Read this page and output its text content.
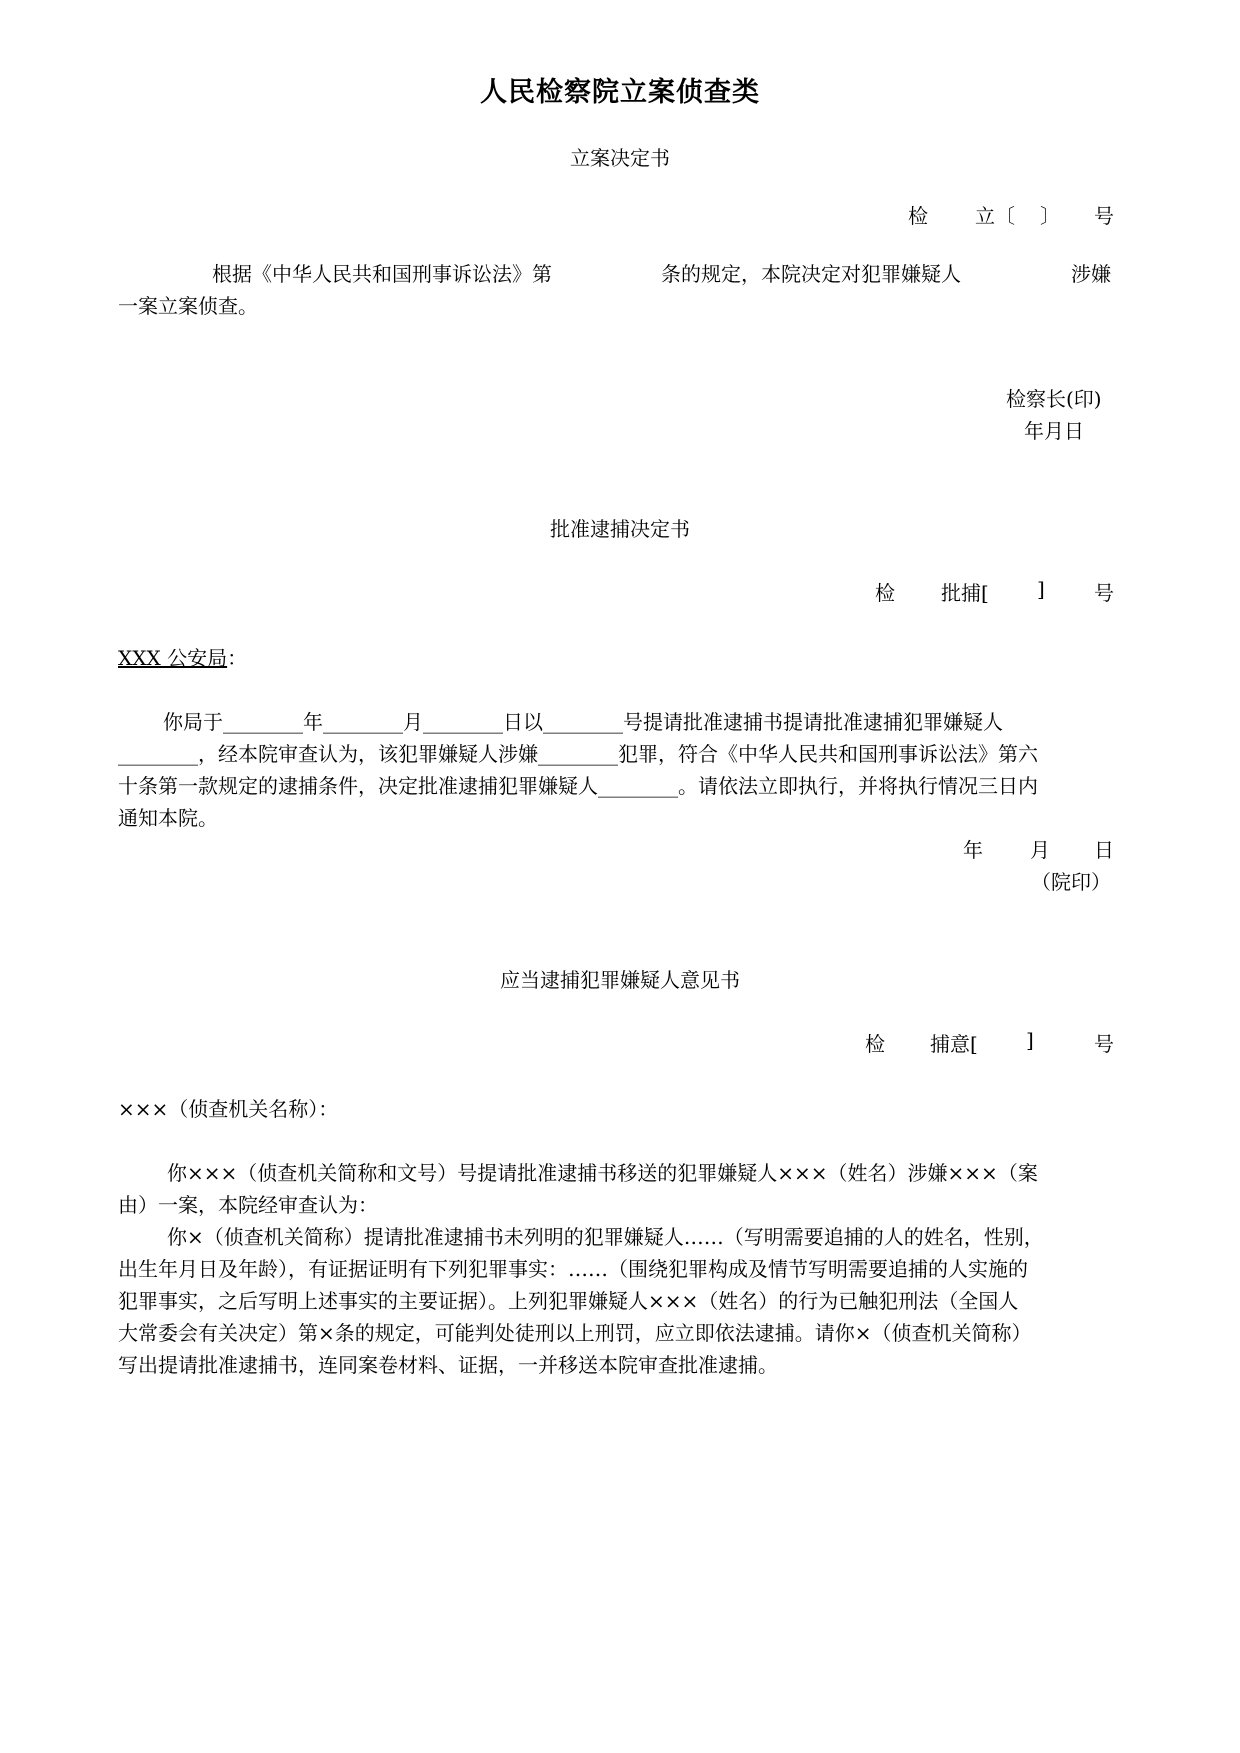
人民检察院立案侦查类
立案决定书
检 立〔 〕 号
根据《中华人民共和国刑事诉讼法》第	条的规定，本院决定对犯罪嫌疑人	涉嫌
一案立案侦查。
检察长(印)
年月日
批准逮捕决定书
检 批捕[ ] 号
XXX 公安局：
你局于________年________月________日以________号提请批准逮捕书提请批准逮捕犯罪嫌疑人
________，经本院审查认为，该犯罪嫌疑人涉嫌________犯罪，符合《中华人民共和国刑事诉讼法》第六
十条第一款规定的逮捕条件，决定批准逮捕犯罪嫌疑人________。请依法立即执行，并将执行情况三日内
通知本院。
年 月 日
（院印）
应当逮捕犯罪嫌疑人意见书
检 捕意[ ]	号
×××（侦查机关名称）：
你×××（侦查机关简称和文号）号提请批准逮捕书移送的犯罪嫌疑人×××（姓名）涉嫌×××（案
由）一案，本院经审查认为：
你×（侦查机关简称）提请批准逮捕书未列明的犯罪嫌疑人……（写明需要追捕的人的姓名，性别，
出生年月日及年龄），有证据证明有下列犯罪事实：……（围绕犯罪构成及情节写明需要追捕的人实施的
犯罪事实，之后写明上述事实的主要证据）。上列犯罪嫌疑人×××（姓名）的行为已触犯刑法（全国人
大常委会有关决定）第×条的规定，可能判处徒刑以上刑罚，应立即依法逮捕。请你×（侦查机关简称）
写出提请批准逮捕书，连同案卷材料、证据，一并移送本院审查批准逮捕。
